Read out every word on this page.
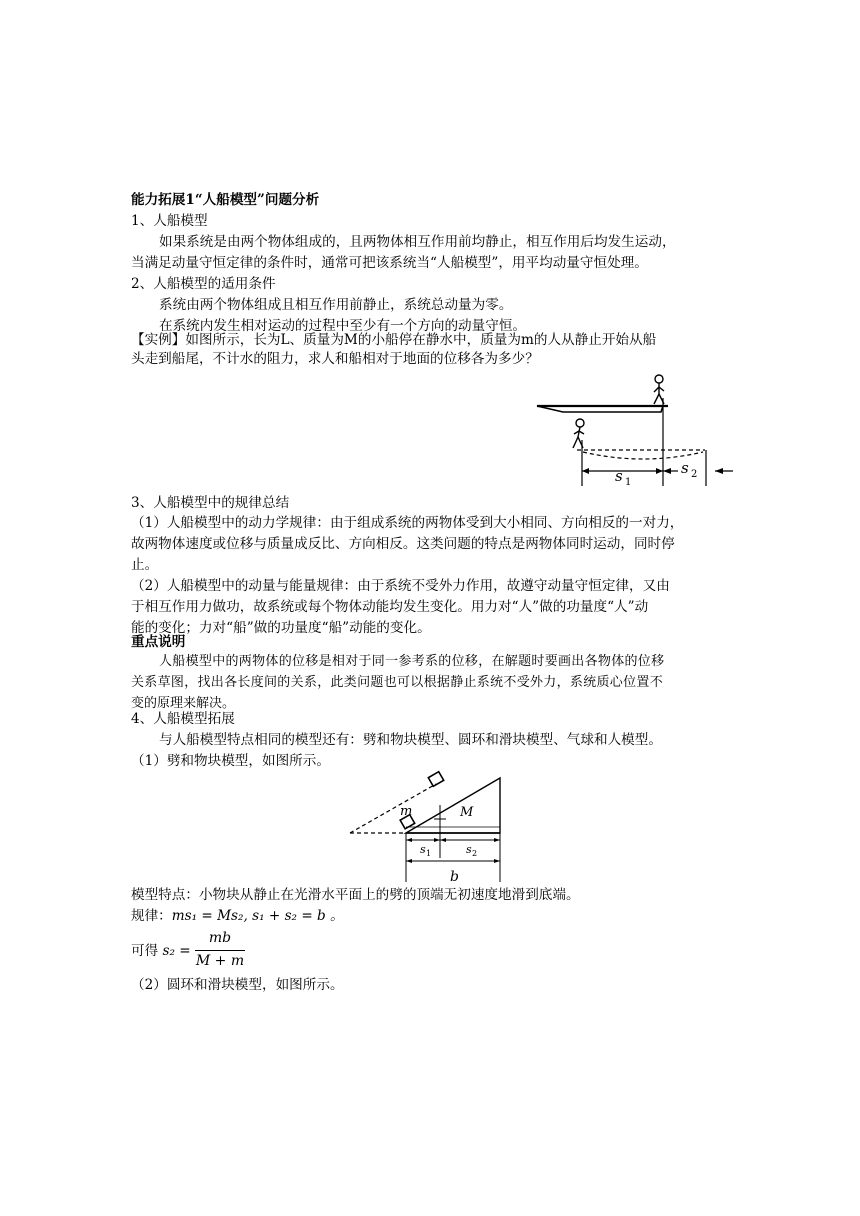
能力拓展1“人船模型”问题分析
1、人船模型
如果系统是由两个物体组成的，且两物体相互作用前均静止，相互作用后均发生运动，
当满足动量守恒定律的条件时，通常可把该系统当“人船模型”，用平均动量守恒处理。
2、人船模型的适用条件
系统由两个物体组成且相互作用前静止，系统总动量为零。
在系统内发生相对运动的过程中至少有一个方向的动量守恒。
【实例】如图所示，长为L、质量为M的小船停在静水中，质量为m的人从静止开始从船
头走到船尾，不计水的阻力，求人和船相对于地面的位移各为多少？
s 1
s 2
3、人船模型中的规律总结
（1）人船模型中的动力学规律：由于组成系统的两物体受到大小相同、方向相反的一对力，
故两物体速度或位移与质量成反比、方向相反。这类问题的特点是两物体同时运动，同时停
止。
（2）人船模型中的动量与能量规律：由于系统不受外力作用，故遵守动量守恒定律，又由
于相互作用力做功，故系统或每个物体动能均发生变化。用力对“人”做的功量度“人”动
能的变化；力对“船”做的功量度“船”动能的变化。
重点说明
人船模型中的两物体的位移是相对于同一参考系的位移，在解题时要画出各物体的位移
关系草图，找出各长度间的关系，此类问题也可以根据静止系统不受外力，系统质心位置不
变的原理来解决。
4、人船模型拓展
与人船模型特点相同的模型还有：劈和物块模型、圆环和滑块模型、气球和人模型。
（1）劈和物块模型，如图所示。
m	M
s 1	s 2
b
模型特点：小物块从静止在光滑水平面上的劈的顶端无初速度地滑到底端。
规律：ms₁ = Ms₂, s₁ + s₂ = b 。
可得 s₂ =
mb
M + m
（2）圆环和滑块模型，如图所示。
